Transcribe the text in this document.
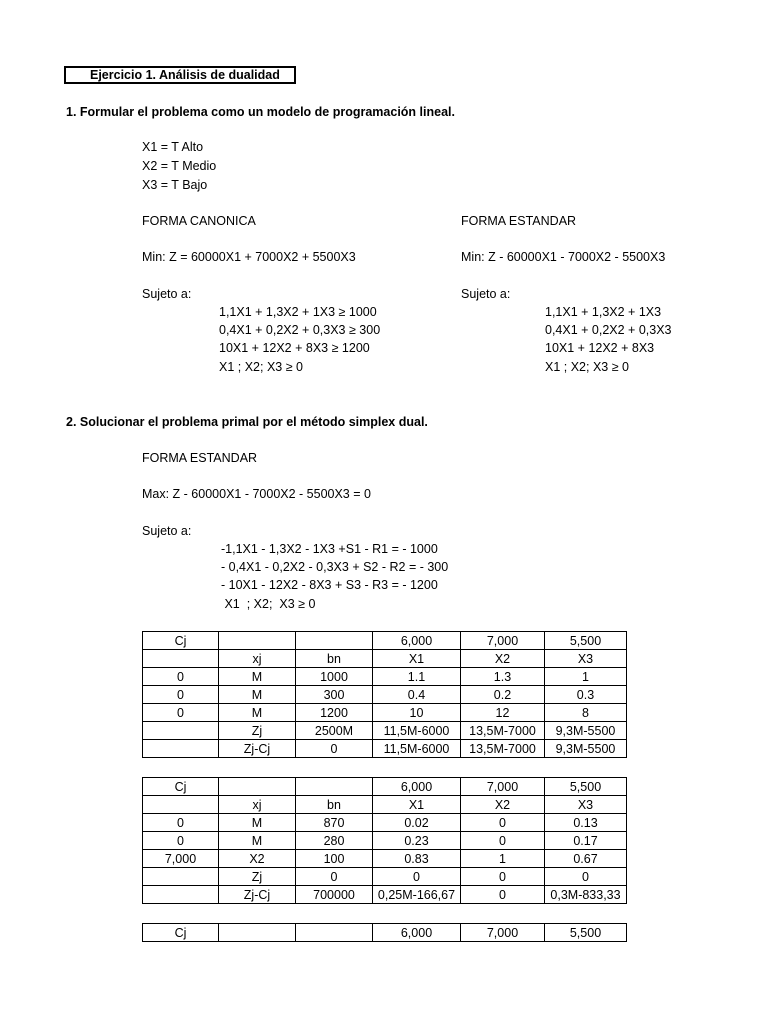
Ejercicio 1. Análisis de dualidad
1. Formular el problema como un modelo de programación lineal.
X1 = T Alto
X2 = T Medio
X3 = T Bajo
FORMA CANONICA
Min: Z = 60000X1 + 7000X2 + 5500X3
Sujeto a:
1,1X1 + 1,3X2 + 1X3 ≥ 1000
0,4X1 + 0,2X2 + 0,3X3 ≥ 300
10X1 + 12X2 + 8X3 ≥ 1200
X1 ; X2; X3 ≥ 0
FORMA ESTANDAR
Min: Z - 60000X1 - 7000X2 - 5500X3
Sujeto a:
1,1X1 + 1,3X2 + 1X3
0,4X1 + 0,2X2 + 0,3X3
10X1 + 12X2 + 8X3
X1 ; X2; X3 ≥ 0
2. Solucionar el problema primal por el método simplex dual.
FORMA ESTANDAR
Max: Z - 60000X1 - 7000X2 - 5500X3 = 0
Sujeto a:
-1,1X1 - 1,3X2 - 1X3 +S1 - R1 = - 1000
- 0,4X1 - 0,2X2 - 0,3X3 + S2 - R2 = - 300
- 10X1 - 12X2 - 8X3 + S3 - R3 = - 1200
X1  ; X2;  X3 ≥ 0
Cj			6,000	7,000	5,500
	xj	bn	X1	X2	X3
0	M	1000	1.1	1.3	1
0	M	300	0.4	0.2	0.3
0	M	1200	10	12	8
	Zj	2500M	11,5M-6000	13,5M-7000	9,3M-5500
	Zj-Cj	0	11,5M-6000	13,5M-7000	9,3M-5500
Cj			6,000	7,000	5,500
	xj	bn	X1	X2	X3
0	M	870	0.02	0	0.13
0	M	280	0.23	0	0.17
7,000	X2	100	0.83	1	0.67
	Zj	0	0	0	0
	Zj-Cj	700000	0,25M-166,67	0	0,3M-833,33
Cj			6,000	7,000	5,500
